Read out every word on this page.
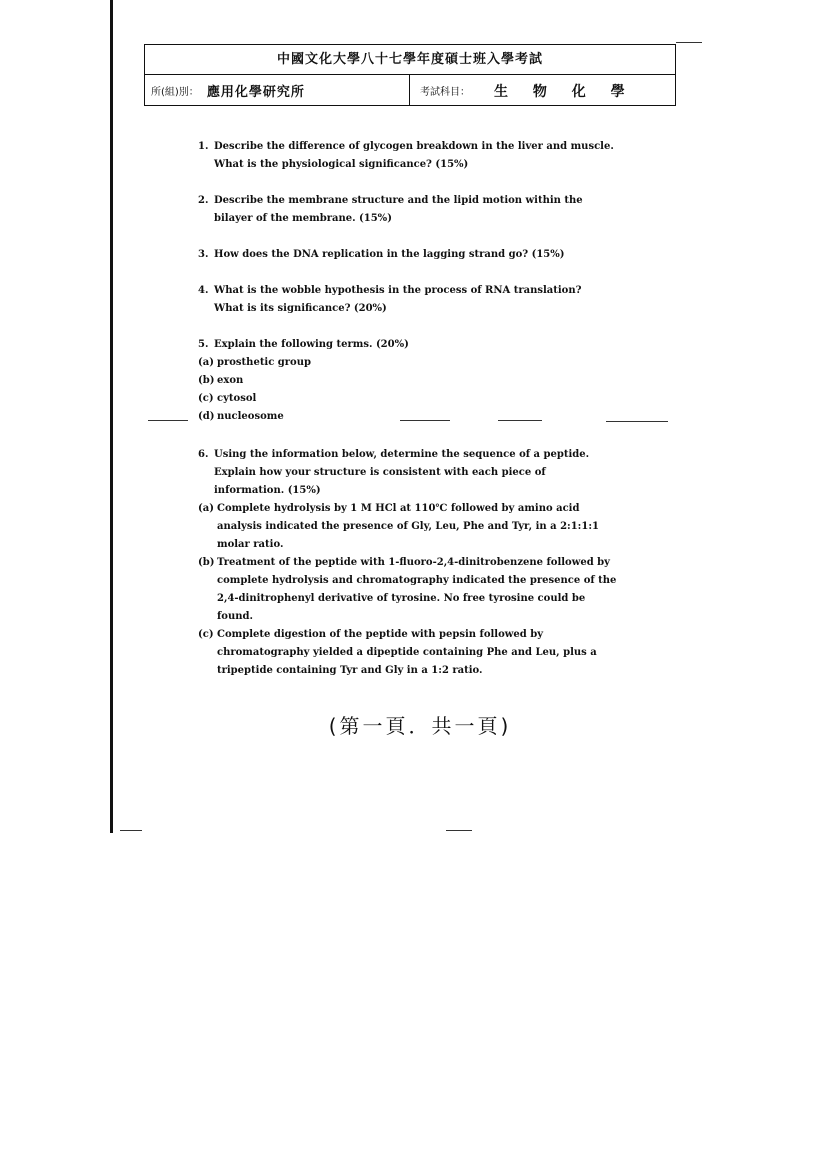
中國文化大學八十七學年度碩士班入學考試
所(組)別： 應用化學研究所	考試科目： 生 物 化 學
1. Describe the difference of glycogen breakdown in the liver and muscle.
What is the physiological significance? (15%)
2. Describe the membrane structure and the lipid motion within the
bilayer of the membrane. (15%)
3. How does the DNA replication in the lagging strand go? (15%)
4. What is the wobble hypothesis in the process of RNA translation?
What is its significance? (20%)
5. Explain the following terms. (20%)
(a) prosthetic group
(b) exon
(c) cytosol
(d) nucleosome
6. Using the information below, determine the sequence of a peptide.
Explain how your structure is consistent with each piece of
information. (15%)
(a) Complete hydrolysis by 1 M HCl at 110℃ followed by amino acid
analysis indicated the presence of Gly, Leu, Phe and Tyr, in a 2:1:1:1
molar ratio.
(b) Treatment of the peptide with 1-fluoro-2,4-dinitrobenzene followed by
complete hydrolysis and chromatography indicated the presence of the
2,4-dinitrophenyl derivative of tyrosine. No free tyrosine could be
found.
(c) Complete digestion of the peptide with pepsin followed by
chromatography yielded a dipeptide containing Phe and Leu, plus a
tripeptide containing Tyr and Gly in a 1:2 ratio.
(第一頁．共一頁)
